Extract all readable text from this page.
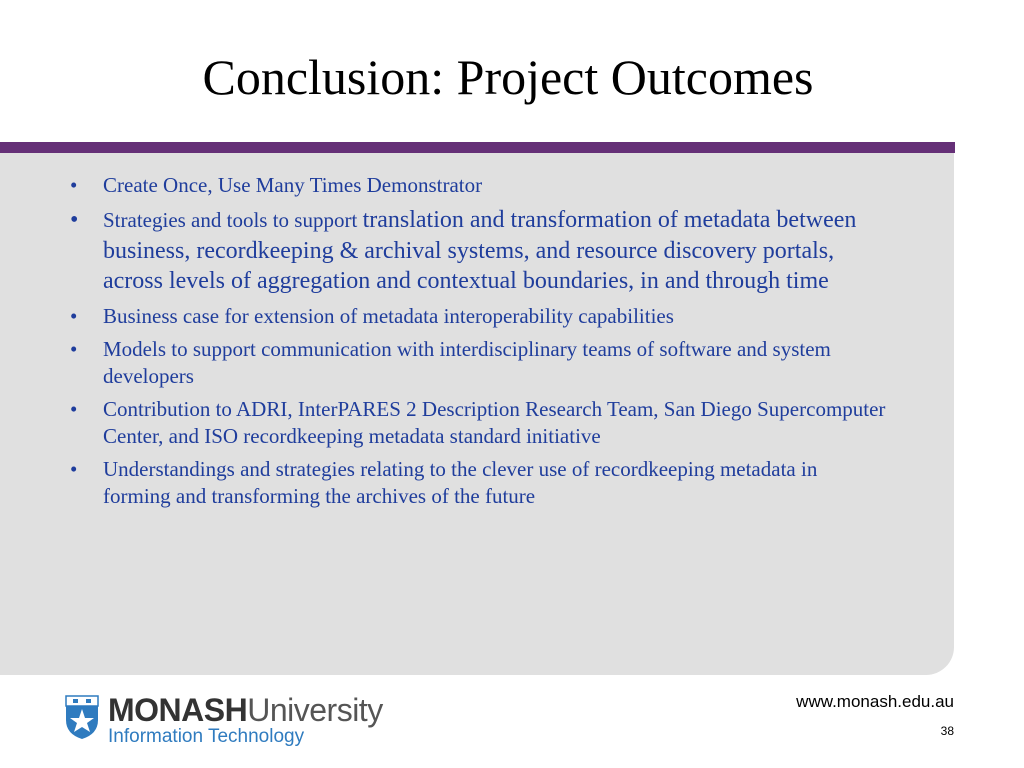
Conclusion: Project Outcomes
• Create Once, Use Many Times Demonstrator
• Strategies and tools to support translation and transformation of metadata between business, recordkeeping & archival systems, and resource discovery portals, across levels of aggregation and contextual boundaries, in and through time
• Business case for extension of metadata interoperability capabilities
• Models to support communication with interdisciplinary teams of software and system developers
• Contribution to ADRI, InterPARES 2 Description Research Team, San Diego Supercomputer Center, and ISO recordkeeping metadata standard initiative
• Understandings and strategies relating to the clever use of recordkeeping metadata in forming and transforming the archives of the future
MONASHUniversity
Information Technology
www.monash.edu.au
38
